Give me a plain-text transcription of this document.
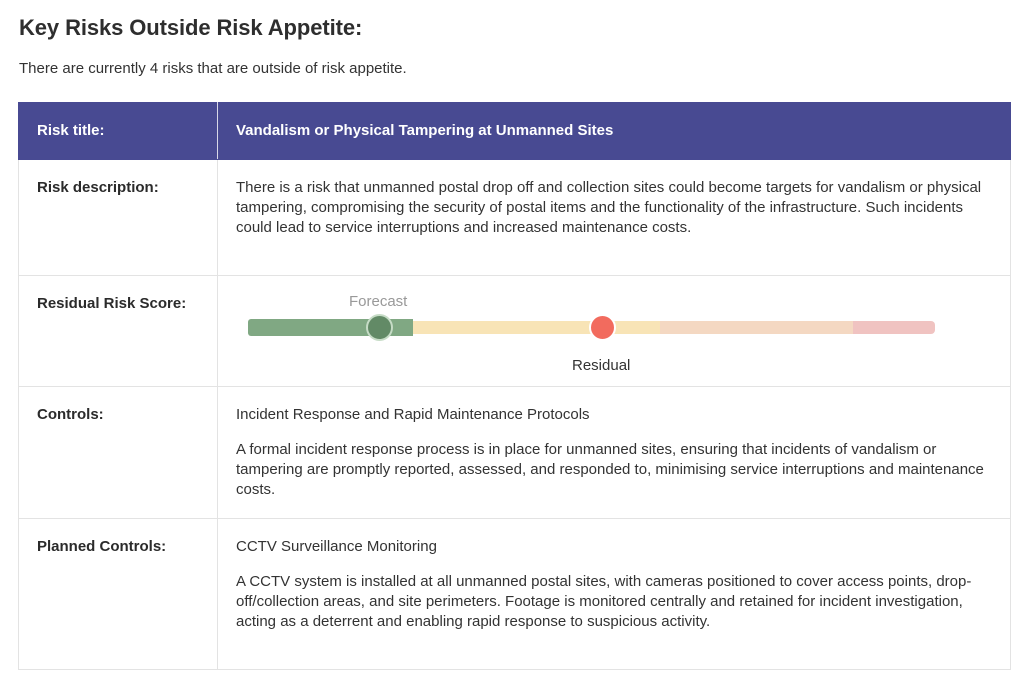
Key Risks Outside Risk Appetite:

There are currently 4 risks that are outside of risk appetite.

Risk title:	Vandalism or Physical Tampering at Unmanned Sites
Risk description:	There is a risk that unmanned postal drop off and collection sites could become targets for vandalism or physical tampering, compromising the security of postal items and the functionality of the infrastructure. Such incidents could lead to service interruptions and increased maintenance costs.
Residual Risk Score:	Forecast
Residual

Controls:	Incident Response and Rapid Maintenance Protocols
A formal incident response process is in place for unmanned sites, ensuring that incidents of vandalism or tampering are promptly reported, assessed, and responded to, minimising service interruptions and maintenance costs.

Planned Controls:	CCTV Surveillance Monitoring
A CCTV system is installed at all unmanned postal sites, with cameras positioned to cover access points, drop-off/collection areas, and site perimeters. Footage is monitored centrally and retained for incident investigation, acting as a deterrent and enabling rapid response to suspicious activity.
